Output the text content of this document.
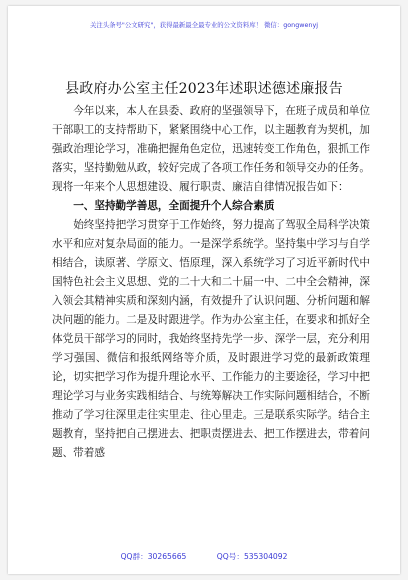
关注头条号"公文研究"，获得最新最全最专业的公文资料库！ 微信：gongwenyj
县政府办公室主任2023年述职述德述廉报告

今年以来，本人在县委、政府的坚强领导下，在班子成员和单位干部职工的支持帮助下，紧紧围绕中心工作，以主题教育为契机，加强政治理论学习，准确把握角色定位，迅速转变工作角色，狠抓工作落实，坚持勤勉从政，较好完成了各项工作任务和领导交办的任务。现将一年来个人思想建设、履行职责、廉洁自律情况报告如下：

一、坚持勤学善思，全面提升个人综合素质

始终坚持把学习贯穿于工作始终，努力提高了驾驭全局科学决策水平和应对复杂局面的能力。一是深学系统学。坚持集中学习与自学相结合，读原著、学原文、悟原理，深入系统学习了习近平新时代中国特色社会主义思想、党的二十大和二十届一中、二中全会精神，深入领会其精神实质和深刻内涵，有效提升了认识问题、分析问题和解决问题的能力。二是及时跟进学。作为办公室主任，在要求和抓好全体党员干部学习的同时，我始终坚持先学一步、深学一层，充分利用学习强国、微信和报纸网络等介质，及时跟进学习党的最新政策理论，切实把学习作为提升理论水平、工作能力的主要途径，学习中把理论学习与业务实践相结合、与统筹解决工作实际问题相结合，不断推动了学习往深里走往实里走、往心里走。三是联系实际学。结合主题教育，坚持把自己摆进去、把职责摆进去、把工作摆进去，带着问题、带着感

QQ群：30265665	QQ号：535304092
